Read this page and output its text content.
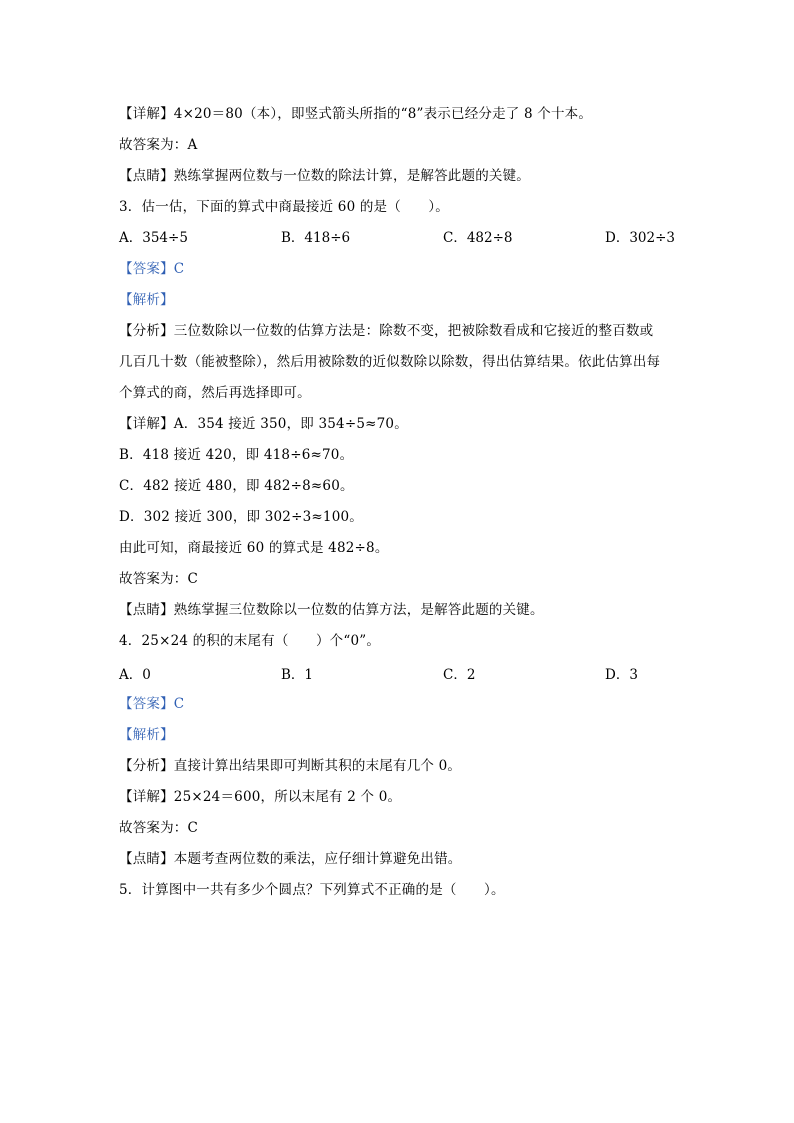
【详解】4×20＝80（本），即竖式箭头所指的“8”表示已经分走了 8 个十本。
故答案为：A
【点睛】熟练掌握两位数与一位数的除法计算，是解答此题的关键。
3．估一估，下面的算式中商最接近 60 的是（　　）。
A．354÷5	B．418÷6	C．482÷8	D．302÷3
【答案】C
【解析】
【分析】三位数除以一位数的估算方法是：除数不变，把被除数看成和它接近的整百数或
几百几十数（能被整除），然后用被除数的近似数除以除数，得出估算结果。依此估算出每
个算式的商，然后再选择即可。
【详解】A．354 接近 350，即 354÷5≈70。
B．418 接近 420，即 418÷6≈70。
C．482 接近 480，即 482÷8≈60。
D．302 接近 300，即 302÷3≈100。
由此可知，商最接近 60 的算式是 482÷8。
故答案为：C
【点睛】熟练掌握三位数除以一位数的估算方法，是解答此题的关键。
4．25×24 的积的末尾有（　　）个“0”。
A．0	B．1	C．2	D．3
【答案】C
【解析】
【分析】直接计算出结果即可判断其积的末尾有几个 0。
【详解】25×24＝600，所以末尾有 2 个 0。
故答案为：C
【点睛】本题考查两位数的乘法，应仔细计算避免出错。
5．计算图中一共有多少个圆点？下列算式不正确的是（　　）。
